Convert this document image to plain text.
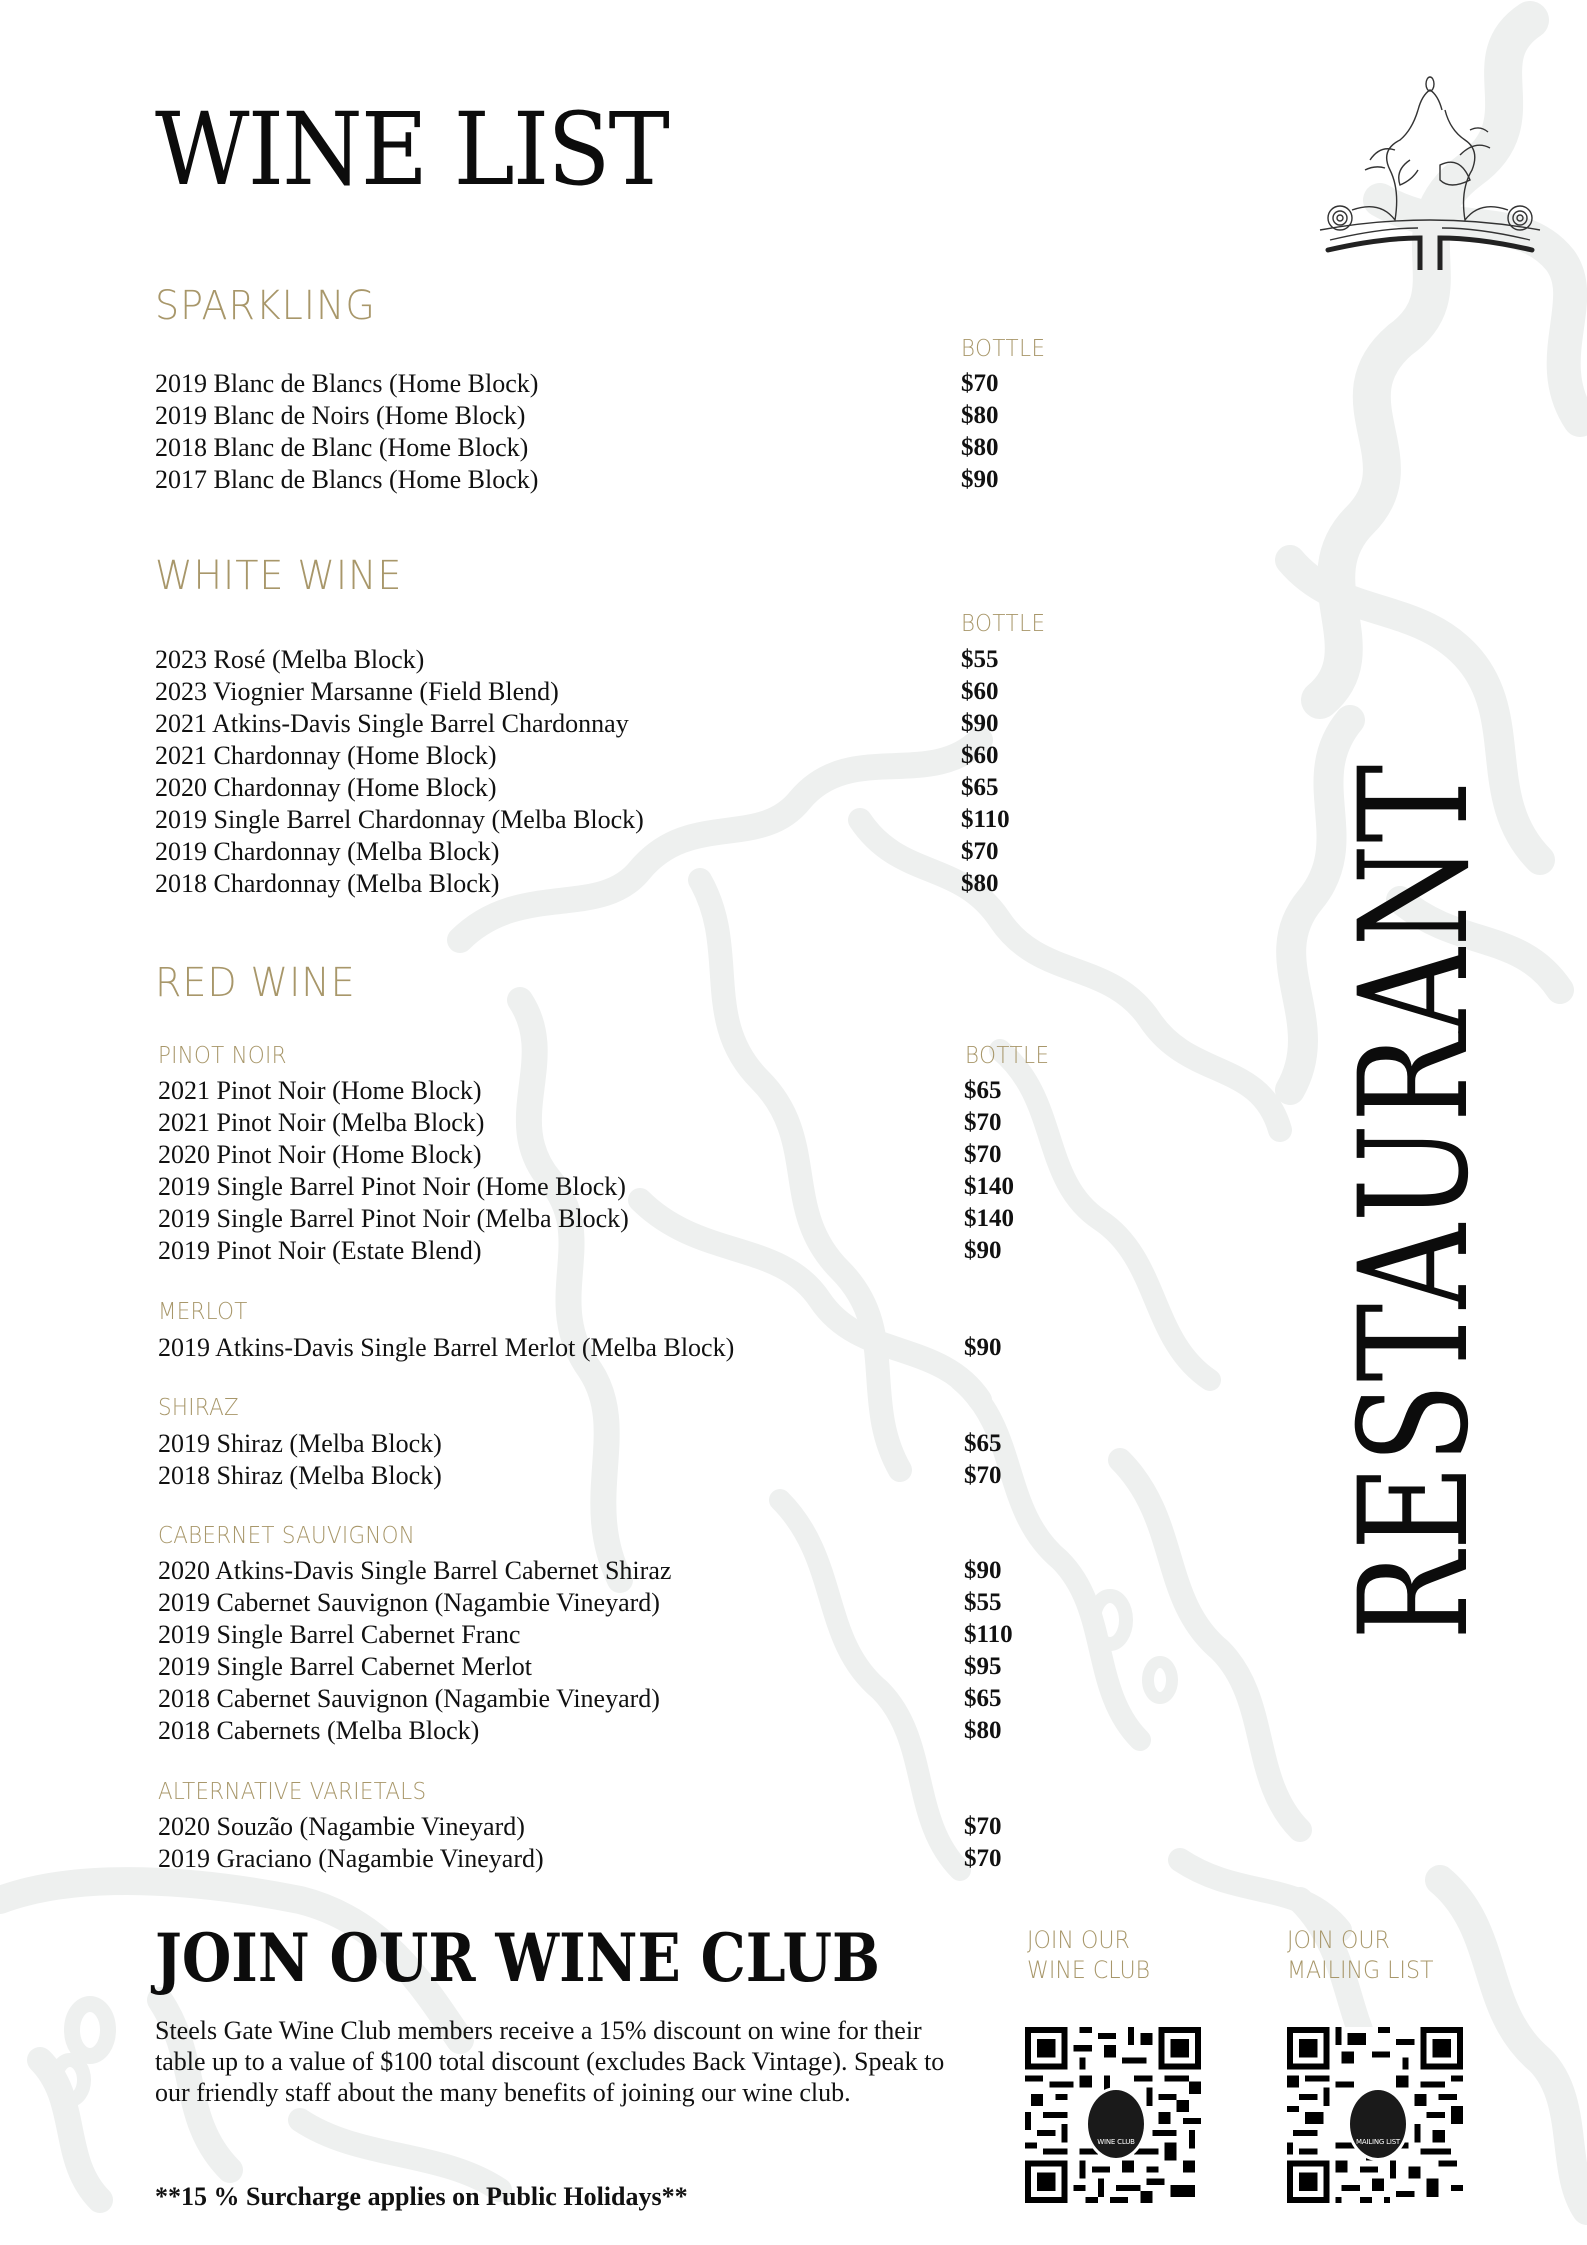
WINE LIST
SPARKLING
BOTTLE
2019 Blanc de Blancs (Home Block)	$70
2019 Blanc de Noirs (Home Block)	$80
2018 Blanc de Blanc (Home Block)	$80
2017 Blanc de Blancs (Home Block)	$90
WHITE WINE
BOTTLE
2023 Rosé (Melba Block)	$55
2023 Viognier Marsanne (Field Blend)	$60
2021 Atkins-Davis Single Barrel Chardonnay	$90
2021 Chardonnay (Home Block)	$60
2020 Chardonnay (Home Block)	$65
2019 Single Barrel Chardonnay (Melba Block)	$110
2019 Chardonnay (Melba Block)	$70
2018 Chardonnay (Melba Block)	$80
RED WINE
PINOT NOIR	BOTTLE
2021 Pinot Noir (Home Block)	$65
2021 Pinot Noir (Melba Block)	$70
2020 Pinot Noir (Home Block)	$70
2019 Single Barrel Pinot Noir (Home Block)	$140
2019 Single Barrel Pinot Noir (Melba Block)	$140
2019 Pinot Noir (Estate Blend)	$90
MERLOT
2019 Atkins-Davis Single Barrel Merlot (Melba Block)	$90
SHIRAZ
2019 Shiraz (Melba Block)	$65
2018 Shiraz (Melba Block)	$70
CABERNET SAUVIGNON
2020 Atkins-Davis Single Barrel Cabernet Shiraz	$90
2019 Cabernet Sauvignon (Nagambie Vineyard)	$55
2019 Single Barrel Cabernet Franc	$110
2019 Single Barrel Cabernet Merlot	$95
2018 Cabernet Sauvignon (Nagambie Vineyard)	$65
2018 Cabernets (Melba Block)	$80
ALTERNATIVE VARIETALS
2020 Souzão (Nagambie Vineyard)	$70
2019 Graciano (Nagambie Vineyard)	$70
RESTAURANT
JOIN OUR WINE CLUB

Steels Gate Wine Club members receive a 15% discount on wine for their table up to a value of $100 total discount (excludes Back Vintage). Speak to our friendly staff about the many benefits of joining our wine club.

**15 % Surcharge applies on Public Holidays**

JOIN OUR
WINE CLUB
WINE CLUB
JOIN OUR
MAILING LIST
MAILING LIST
